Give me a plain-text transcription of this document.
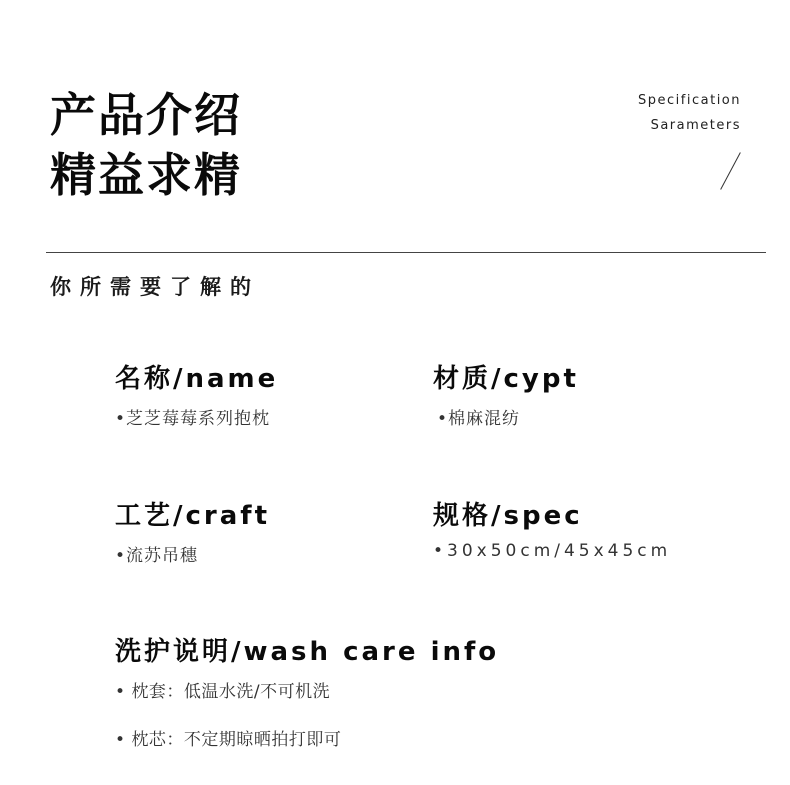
产品介绍
精益求精
Specification
Sarameters
你所需要了解的
名称/name
•芝芝莓莓系列抱枕
材质/cypt
•棉麻混纺
工艺/craft
•流苏吊穗
规格/spec
•30x50cm/45x45cm
洗护说明/wash care info
• 枕套：低温水洗/不可机洗
• 枕芯：不定期晾晒拍打即可
